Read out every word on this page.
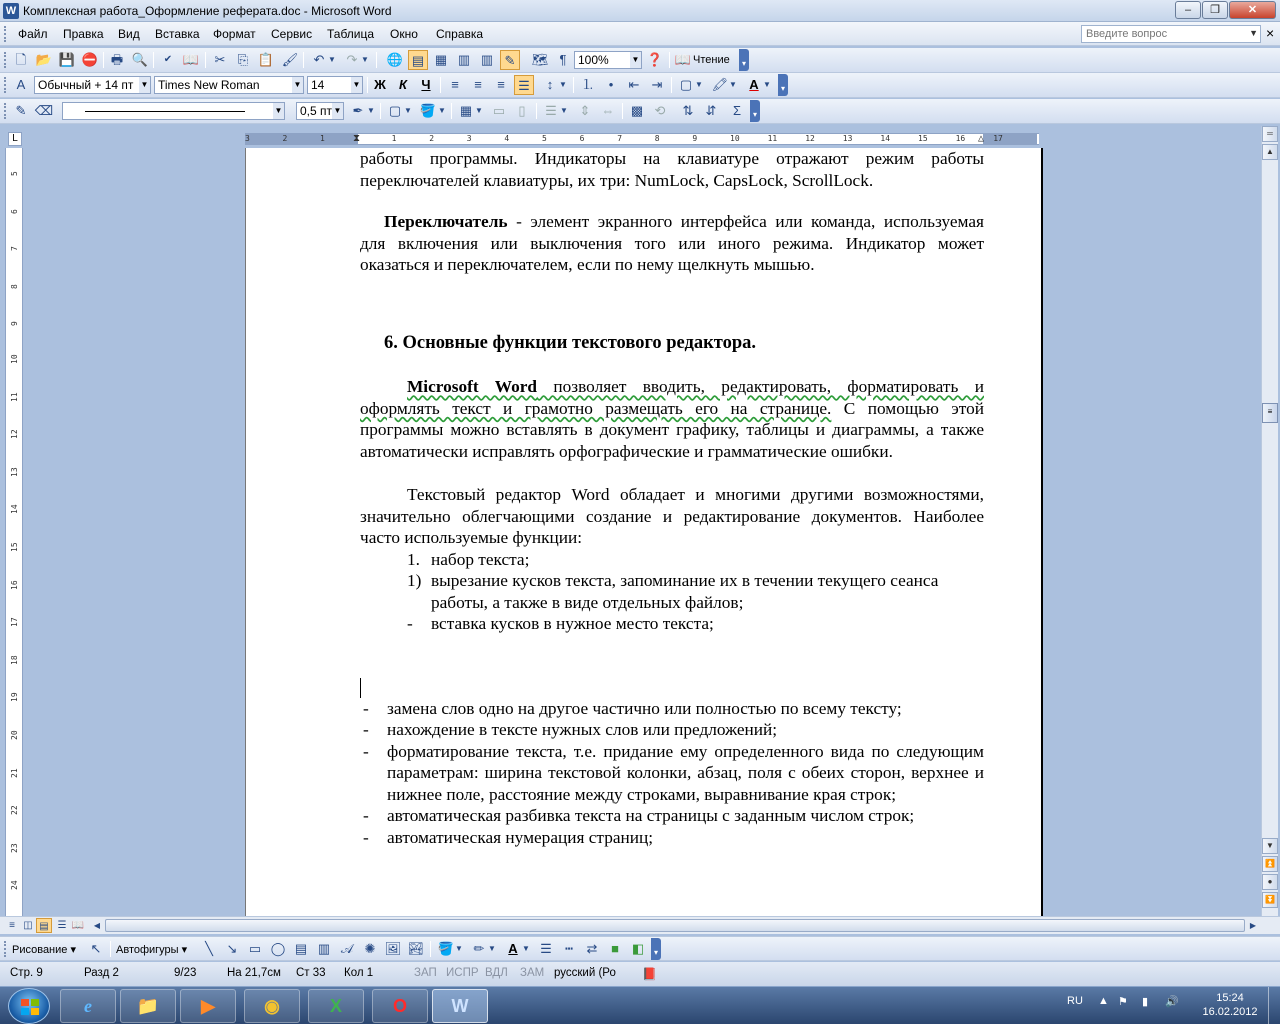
W Комплексная работа_Оформление реферата.doc - Microsoft Word	–	❐	✕
Файл Правка Вид Вставка Формат Сервис Таблица Окно Справка	×
Введите вопрос	▼
🗋 📂 💾 ⛔ 🖶 🔍	✔ 📖	✂ ⎘ 📋 🖌	↶ ▼ ↷ ▼ 🌐 ▤ ▦ ▥ ▥ ✎	🗺 ¶ 100%	▼ ❓ 📖 Чтение	▾
A	Обычный + 14 пт ▼ Times New Roman	▼ 14	▼	Ж	К	Ч	≡	≡	≡	☰	↕ ▼ ⒈	•	⇤ ⇥	▢ ▼ 🖍 ▼ A ▼	▾
✎ ⌫	▼	0,5 пт ▼ ✒ ▼ ▢ ▼ 🪣 ▼ ▦ ▼ ▭	▯	☰ ▼ ⇕ ⇔ ▩ ⟲	⇅ ⇵	Σ	▾
L	3	2	1	1	2	3	4	5	6	7	8	9	10	11	12	13	14	15	16	17
⧗	△
5
6
7
8
9
10
11
12
13
14
15
16
17
18
19
20
21
22
23
24

работы программы. Индикаторы на клавиатуре отражают режим работы переключателей клавиатуры, их три: NumLock, CapsLock, ScrollLock.

Переключатель - элемент экранного интерфейса или команда, используемая для включения или выключения того или иного режима. Индикатор может оказаться и переключателем, если по нему щелкнуть мышью.

6. Основные функции текстового редактора.

Microsoft Word позволяет вводить, редактировать, форматировать и оформлять текст и грамотно размещать его на странице. С помощью этой программы можно вставлять в документ графику, таблицы и диаграммы, а также автоматически исправлять орфографические и грамматические ошибки.

Текстовый редактор Word обладает и многими другими возможностями, значительно облегчающими создание и редактирование документов. Наиболее часто используемые функции:

1. набор текста;
1) вырезание кусков текста, запоминание их в течении текущего сеанса работы, а также в виде отдельных файлов;
- вставка кусков в нужное место текста;
- замена слов одно на другое частично или полностью по всему тексту;
- нахождение в тексте нужных слов или предложений;
- форматирование текста, т.е. придание ему определенного вида по следующим параметрам: ширина текстовой колонки, абзац, поля с обеих сторон, верхнее и нижнее поле, расстояние между строками, выравнивание края строк;
- автоматическая разбивка текста на страницы с заданным числом строк;
- автоматическая нумерация страниц;
═
▲
≡
▼
⏫
●
⏬
≡ ◫ ▤ ☰ 📖	◀	▶
Рисование ▾	↖	Автофигуры ▾	╲	↘ ▭ ◯ ▤ ▥ 𝒜 ✺ 🖼 🏞 🪣 ▼ ✏ ▼ A ▼ ☰	┅	⇄	■ ◧	▾
Стр. 9	Разд 2	9/23	На 21,7см Ст 33 Кол 1	ЗАП ИСПР ВДЛ ЗАМ русский (Ро 📕
e	📁	▶	◉	X	O	W	RU ▲ ⚑ ▮ 🔊	15:24
16.02.2012
